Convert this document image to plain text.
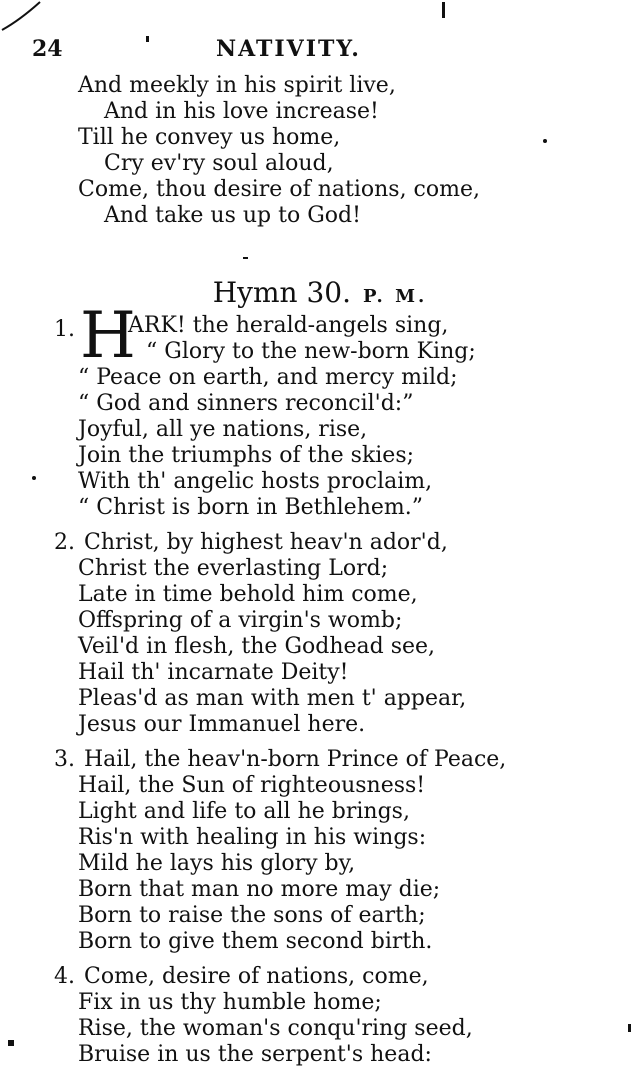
24	NATIVITY.
And meekly in his spirit live,
And in his love increase!
Till he convey us home,
Cry ev'ry soul aloud,
Come, thou desire of nations, come,
And take us up to God!
Hymn 30. P. M.
1. H
ARK! the herald-angels sing,
“ Glory to the new-born King;
“ Peace on earth, and mercy mild;
“ God and sinners reconcil'd:”
Joyful, all ye nations, rise,
Join the triumphs of the skies;
With th' angelic hosts proclaim,
“ Christ is born in Bethlehem.”
2. Christ, by highest heav'n ador'd,
Christ the everlasting Lord;
Late in time behold him come,
Offspring of a virgin's womb;
Veil'd in flesh, the Godhead see,
Hail th' incarnate Deity!
Pleas'd as man with men t' appear,
Jesus our Immanuel here.
3. Hail, the heav'n-born Prince of Peace,
Hail, the Sun of righteousness!
Light and life to all he brings,
Ris'n with healing in his wings:
Mild he lays his glory by,
Born that man no more may die;
Born to raise the sons of earth;
Born to give them second birth.
4. Come, desire of nations, come,
Fix in us thy humble home;
Rise, the woman's conqu'ring seed,
Bruise in us the serpent's head:
